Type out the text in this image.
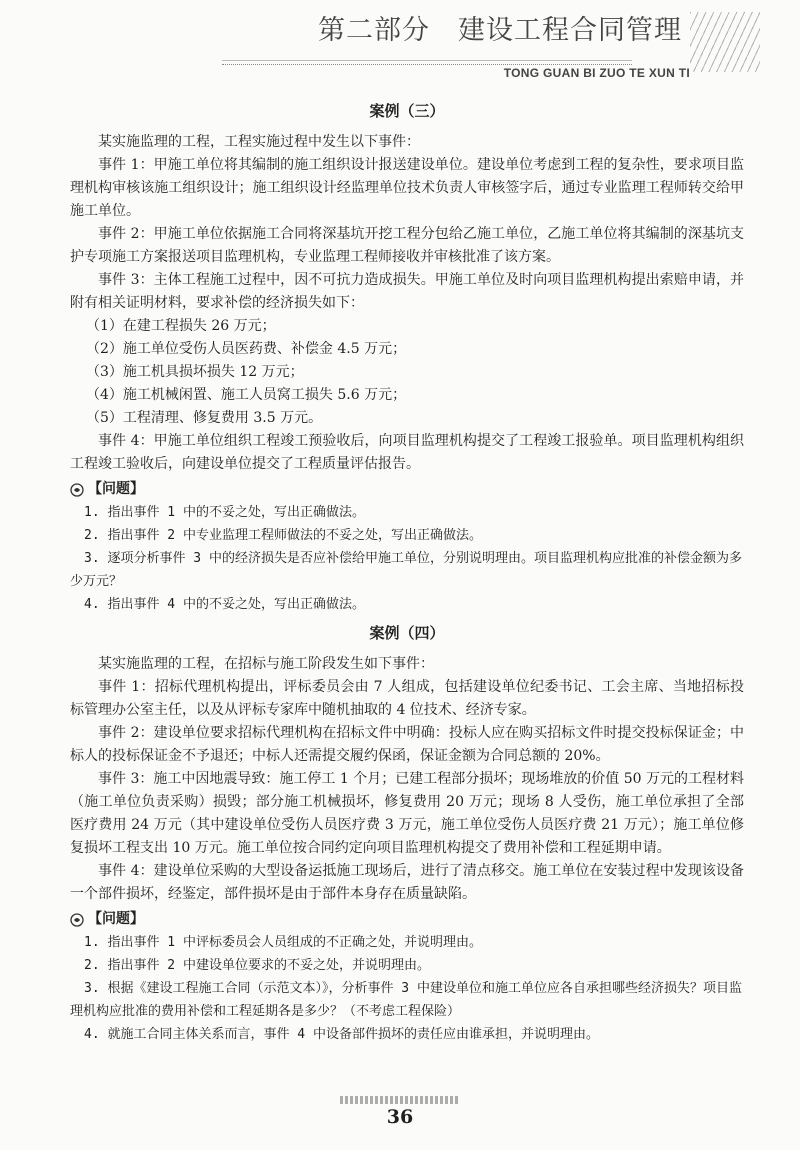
第二部分　建设工程合同管理
TONG GUAN BI ZUO TE XUN TI
案例（三）

某实施监理的工程，工程实施过程中发生以下事件：

事件 1：甲施工单位将其编制的施工组织设计报送建设单位。建设单位考虑到工程的复杂性，要求项目监理机构审核该施工组织设计；施工组织设计经监理单位技术负责人审核签字后，通过专业监理工程师转交给甲施工单位。

事件 2：甲施工单位依据施工合同将深基坑开挖工程分包给乙施工单位，乙施工单位将其编制的深基坑支护专项施工方案报送项目监理机构，专业监理工程师接收并审核批准了该方案。

事件 3：主体工程施工过程中，因不可抗力造成损失。甲施工单位及时向项目监理机构提出索赔申请，并附有相关证明材料，要求补偿的经济损失如下：

（1）在建工程损失 26 万元；
（2）施工单位受伤人员医药费、补偿金 4.5 万元；
（3）施工机具损坏损失 12 万元；
（4）施工机械闲置、施工人员窝工损失 5.6 万元；
（5）工程清理、修复费用 3.5 万元。

事件 4：甲施工单位组织工程竣工预验收后，向项目监理机构提交了工程竣工报验单。项目监理机构组织工程竣工验收后，向建设单位提交了工程质量评估报告。

【问题】

1. 指出事件 1 中的不妥之处，写出正确做法。

2. 指出事件 2 中专业监理工程师做法的不妥之处，写出正确做法。

3. 逐项分析事件 3 中的经济损失是否应补偿给甲施工单位，分别说明理由。项目监理机构应批准的补偿金额为多少万元？

4. 指出事件 4 中的不妥之处，写出正确做法。

案例（四）

某实施监理的工程，在招标与施工阶段发生如下事件：

事件 1：招标代理机构提出，评标委员会由 7 人组成，包括建设单位纪委书记、工会主席、当地招标投标管理办公室主任，以及从评标专家库中随机抽取的 4 位技术、经济专家。

事件 2：建设单位要求招标代理机构在招标文件中明确：投标人应在购买招标文件时提交投标保证金；中标人的投标保证金不予退还；中标人还需提交履约保函，保证金额为合同总额的 20%。

事件 3：施工中因地震导致：施工停工 1 个月；已建工程部分损坏；现场堆放的价值 50 万元的工程材料（施工单位负责采购）损毁；部分施工机械损坏，修复费用 20 万元；现场 8 人受伤，施工单位承担了全部医疗费用 24 万元（其中建设单位受伤人员医疗费 3 万元，施工单位受伤人员医疗费 21 万元）；施工单位修复损坏工程支出 10 万元。施工单位按合同约定向项目监理机构提交了费用补偿和工程延期申请。

事件 4：建设单位采购的大型设备运抵施工现场后，进行了清点移交。施工单位在安装过程中发现该设备一个部件损坏，经鉴定，部件损坏是由于部件本身存在质量缺陷。

【问题】

1. 指出事件 1 中评标委员会人员组成的不正确之处，并说明理由。

2. 指出事件 2 中建设单位要求的不妥之处，并说明理由。

3. 根据《建设工程施工合同（示范文本）》，分析事件 3 中建设单位和施工单位应各自承担哪些经济损失？项目监理机构应批准的费用补偿和工程延期各是多少？（不考虑工程保险）

4. 就施工合同主体关系而言，事件 4 中设备部件损坏的责任应由谁承担，并说明理由。

36
